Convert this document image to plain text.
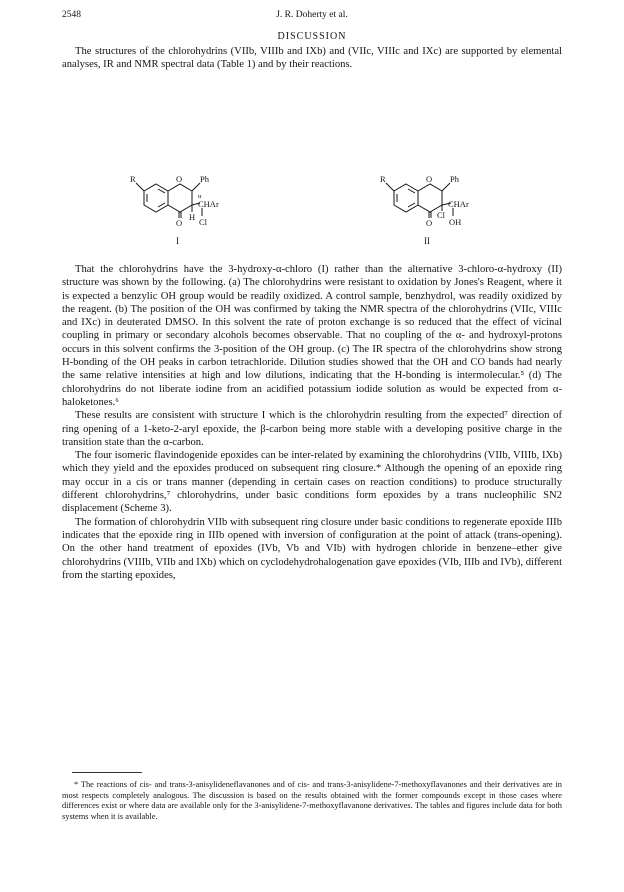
2548	J. R. Doherty et al.
DISCUSSION

The structures of the chlorohydrins (VIIb, VIIIb and IXb) and (VIIc, VIIIc and IXc) are supported by elemental analyses, IR and NMR spectral data (Table 1) and by their reactions.

R	O Ph
α
CHAr
Cl
O
H
I
R	O Ph
Cl
CHAr
O OH
II

That the chlorohydrins have the 3-hydroxy-α-chloro (I) rather than the alternative 3-chloro-α-hydroxy (II) structure was shown by the following. (a) The chlorohydrins were resistant to oxidation by Jones's Reagent, where it is expected a benzylic OH group would be readily oxidized. A control sample, benzhydrol, was readily oxidized by the reagent. (b) The position of the OH was confirmed by taking the NMR spectra of the chlorohydrins (VIIc, VIIIc and IXc) in deuterated DMSO. In this solvent the rate of proton exchange is so reduced that the effect of vicinal coupling in primary or secondary alcohols becomes observable. That no coupling of the α- and hydroxyl-protons occurs in this solvent confirms the 3-position of the OH group. (c) The IR spectra of the chlorohydrins show strong H-bonding of the OH peaks in carbon tetrachloride. Dilution studies showed that the OH and CO bands had nearly the same relative intensities at high and low dilutions, indicating that the H-bonding is intermolecular.⁵ (d) The chlorohydrins do not liberate iodine from an acidified potassium iodide solution as would be expected from α-haloketones.⁶

These results are consistent with structure I which is the chlorohydrin resulting from the expected⁷ direction of ring opening of a 1-keto-2-aryl epoxide, the β-carbon being more stable with a developing positive charge in the transition state than the α-carbon.

The four isomeric flavindogenide epoxides can be inter-related by examining the chlorohydrins (VIIb, VIIIb, IXb) which they yield and the epoxides produced on subsequent ring closure.* Although the opening of an epoxide ring may occur in a cis or trans manner (depending in certain cases on reaction conditions) to produce structurally different chlorohydrins,⁷ chlorohydrins, under basic conditions form epoxides by a trans nucleophilic SN2 displacement (Scheme 3).

The formation of chlorohydrin VIIb with subsequent ring closure under basic conditions to regenerate epoxide IIIb indicates that the epoxide ring in IIIb opened with inversion of configuration at the point of attack (trans-opening). On the other hand treatment of epoxides (IVb, Vb and VIb) with hydrogen chloride in benzene–ether give chlorohydrins (VIIIb, VIIb and IXb) which on cyclodehydrohalogenation gave epoxides (VIb, IIIb and IVb), different from the starting epoxides,

* The reactions of cis- and trans-3-anisylideneflavanones and of cis- and trans-3-anisylidene-7-methoxyflavanones and their derivatives are in most respects completely analogous. The discussion is based on the results obtained with the former compounds except in those cases where differences exist or where data are available only for the 3-anisylidene-7-methoxyflavanone derivatives. The tables and figures include data for both systems when it is available.
